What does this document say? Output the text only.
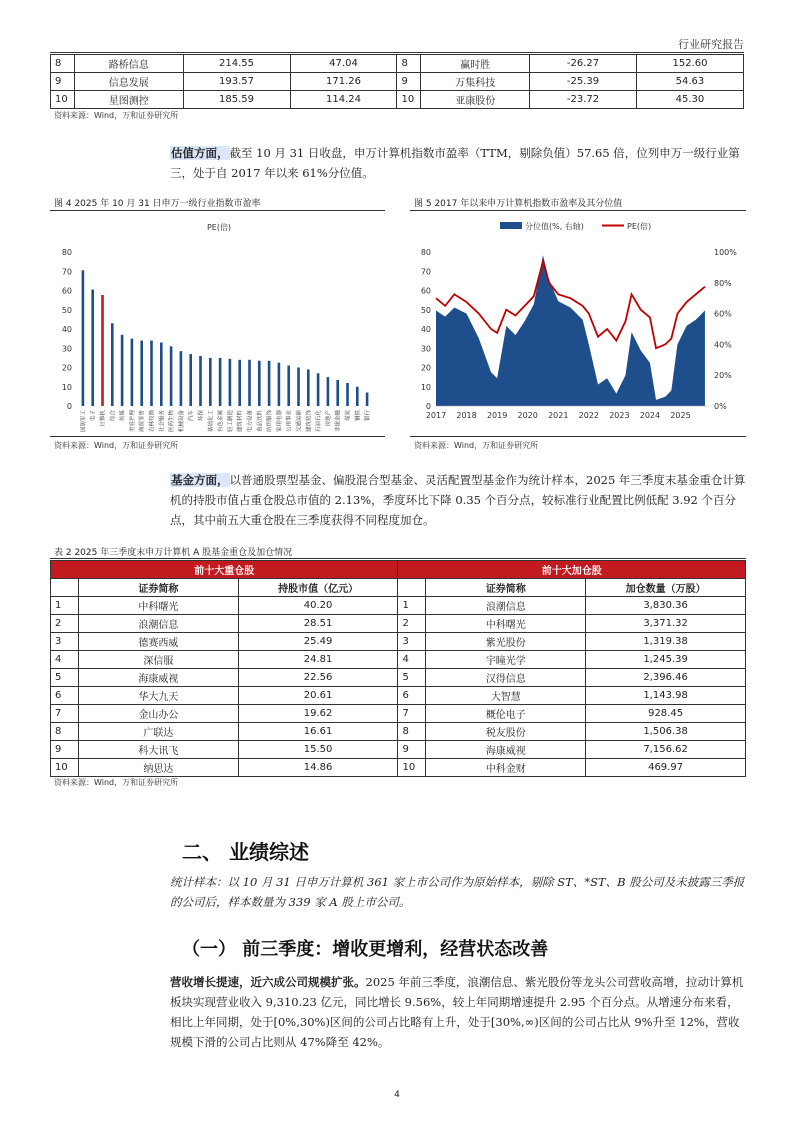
行业研究报告
8	路桥信息	214.55	47.04	8	赢时胜	-26.27	152.60
9	信息发展	193.57	171.26	9	万集科技	-25.39	54.63
10	星图测控	185.59	114.24	10	亚康股份	-23.72	45.30
资料来源：Wind，万和证券研究所
估值方面，截至 10 月 31 日收盘，申万计算机指数市盈率（TTM，剔除负值）57.65 倍，位列申万一级行业第三，处于自 2017 年以来 61%分位值。
图 4 2025 年 10 月 31 日申万一级行业指数市盈率	图 5 2017 年以来申万计算机指数市盈率及其分位值
PE(倍)
80
70
60
50
40
30
20
10
0
国防军工 电子 计算机 综合 传媒 美容护理 商贸零售 农林牧渔 社会服务 医药生物 机械设备 汽车 环保 基础化工 有色金属 轻工制造 建筑材料 电力设备 食品饮料 纺织服饰 家用电器 公用事业 交通运输 建筑装饰 石油石化 房地产 非银金融 煤炭 钢铁 银行
资料来源：Wind，万和证券研究所
分位值(%, 右轴)	PE(倍)
80
70
60
50
40
30
20
10
0
100%
80%
60%
40%
20%
0%
2017 2018 2019 2020 2021 2022 2023 2024 2025
资料来源：Wind，万和证券研究所
基金方面，以普通股票型基金、偏股混合型基金、灵活配置型基金作为统计样本，2025 年三季度末基金重仓计算机的持股市值占重仓股总市值的 2.13%，季度环比下降 0.35 个百分点，较标准行业配置比例低配 3.92 个百分点，其中前五大重仓股在三季度获得不同程度加仓。
表 2 2025 年三季度末申万计算机 A 股基金重仓及加仓情况
前十大重仓股			前十大加仓股		
	证券简称	持股市值（亿元）		证券简称	加仓数量（万股）
1	中科曙光	40.20	1	浪潮信息	3,830.36
2	浪潮信息	28.51	2	中科曙光	3,371.32
3	德赛西威	25.49	3	紫光股份	1,319.38
4	深信服	24.81	4	宇瞳光学	1,245.39
5	海康威视	22.56	5	汉得信息	2,396.46
6	华大九天	20.61	6	大智慧	1,143.98
7	金山办公	19.62	7	概伦电子	928.45
8	广联达	16.61	8	税友股份	1,506.38
9	科大讯飞	15.50	9	海康威视	7,156.62
10	纳思达	14.86	10	中科金财	469.97
资料来源：Wind，万和证券研究所
二、 业绩综述
统计样本：以 10 月 31 日申万计算机 361 家上市公司作为原始样本，剔除 ST、*ST、B 股公司及未披露三季报的公司后，样本数量为 339 家 A 股上市公司。
（一） 前三季度：增收更增利，经营状态改善
营收增长提速，近六成公司规模扩张。2025 年前三季度，浪潮信息、紫光股份等龙头公司营收高增，拉动计算机板块实现营业收入 9,310.23 亿元，同比增长 9.56%，较上年同期增速提升 2.95 个百分点。从增速分布来看，相比上年同期，处于[0%,30%)区间的公司占比略有上升，处于[30%,∞)区间的公司占比从 9%升至 12%，营收规模下滑的公司占比则从 47%降至 42%。
4
